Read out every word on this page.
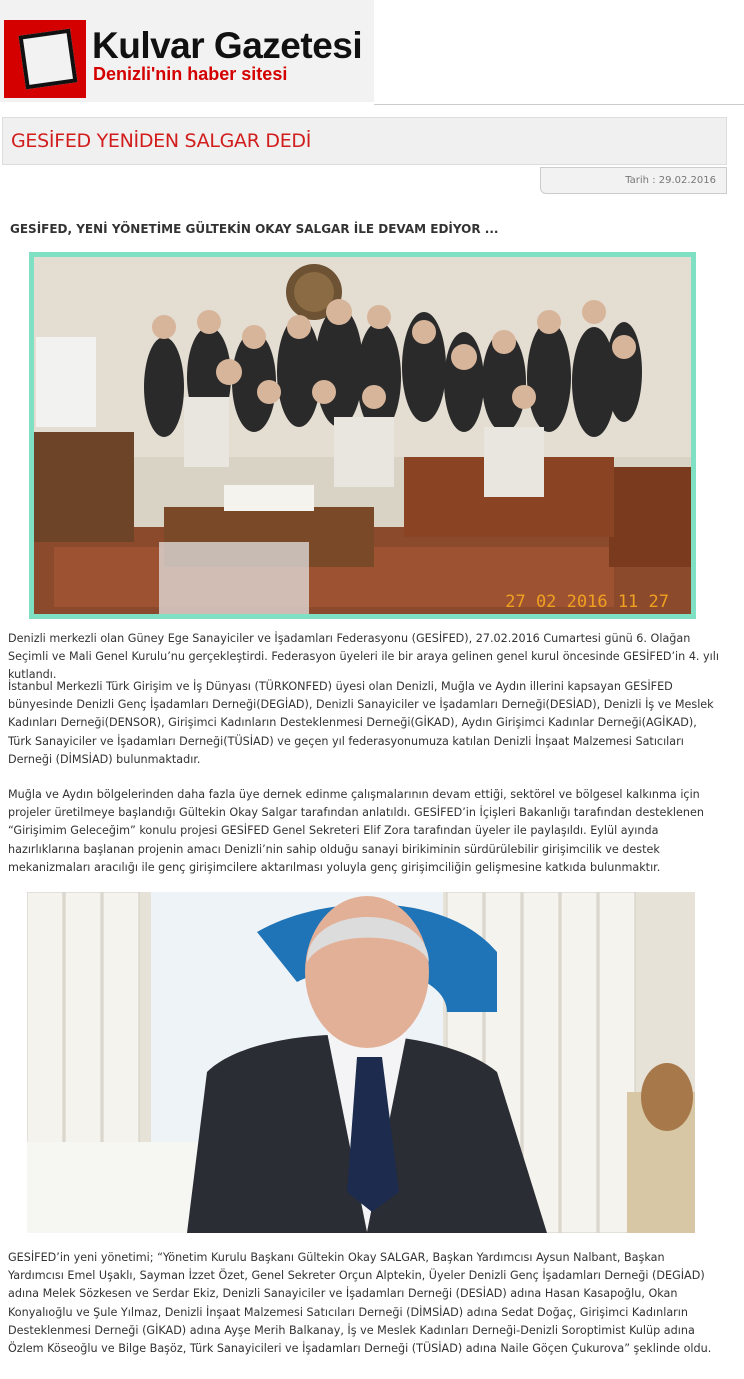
Kulvar Gazetesi
Denizli'nin haber sitesi
GESİFED YENİDEN SALGAR DEDİ
Tarih : 29.02.2016
GESİFED, YENİ YÖNETİME GÜLTEKİN OKAY SALGAR İLE DEVAM EDİYOR ...
27 02 2016 11 27

Denizli merkezli olan Güney Ege Sanayiciler ve İşadamları Federasyonu (GESİFED), 27.02.2016 Cumartesi günü 6. Olağan Seçimli ve Mali Genel Kurulu’nu gerçekleştirdi. Federasyon üyeleri ile bir araya gelinen genel kurul öncesinde GESİFED’in 4. yılı kutlandı.

İstanbul Merkezli Türk Girişim ve İş Dünyası (TÜRKONFED) üyesi olan Denizli, Muğla ve Aydın illerini kapsayan GESİFED bünyesinde Denizli Genç İşadamları Derneği(DEGİAD), Denizli Sanayiciler ve İşadamları Derneği(DESİAD), Denizli İş ve Meslek Kadınları Derneği(DENSOR), Girişimci Kadınların Desteklenmesi Derneği(GİKAD), Aydın Girişimci Kadınlar Derneği(AGİKAD), Türk Sanayiciler ve İşadamları Derneği(TÜSİAD) ve geçen yıl federasyonumuza katılan Denizli İnşaat Malzemesi Satıcıları Derneği (DİMSİAD) bulunmaktadır.

Muğla ve Aydın bölgelerinden daha fazla üye dernek edinme çalışmalarının devam ettiği, sektörel ve bölgesel kalkınma için projeler üretilmeye başlandığı Gültekin Okay Salgar tarafından anlatıldı. GESİFED’in İçişleri Bakanlığı tarafından desteklenen “Girişimim Geleceğim” konulu projesi GESİFED Genel Sekreteri Elif Zora tarafından üyeler ile paylaşıldı. Eylül ayında hazırlıklarına başlanan projenin amacı Denizli’nin sahip olduğu sanayi birikiminin sürdürülebilir girişimcilik ve destek mekanizmaları aracılığı ile genç girişimcilere aktarılması yoluyla genç girişimciliğin gelişmesine katkıda bulunmaktır.

GESİFED’in yeni yönetimi; “Yönetim Kurulu Başkanı Gültekin Okay SALGAR, Başkan Yardımcısı Aysun Nalbant, Başkan Yardımcısı Emel Uşaklı, Sayman İzzet Özet, Genel Sekreter Orçun Alptekin, Üyeler Denizli Genç İşadamları Derneği (DEGİAD) adına Melek Sözkesen ve Serdar Ekiz, Denizli Sanayiciler ve İşadamları Derneği (DESİAD) adına Hasan Kasapoğlu, Okan Konyalıoğlu ve Şule Yılmaz, Denizli İnşaat Malzemesi Satıcıları Derneği (DİMSİAD) adına Sedat Doğaç, Girişimci Kadınların Desteklenmesi Derneği (GİKAD) adına Ayşe Merih Balkanay, İş ve Meslek Kadınları Derneği-Denizli Soroptimist Kulüp adına Özlem Köseoğlu ve Bilge Başöz, Türk Sanayicileri ve İşadamları Derneği (TÜSİAD) adına Naile Göçen Çukurova” şeklinde oldu.
